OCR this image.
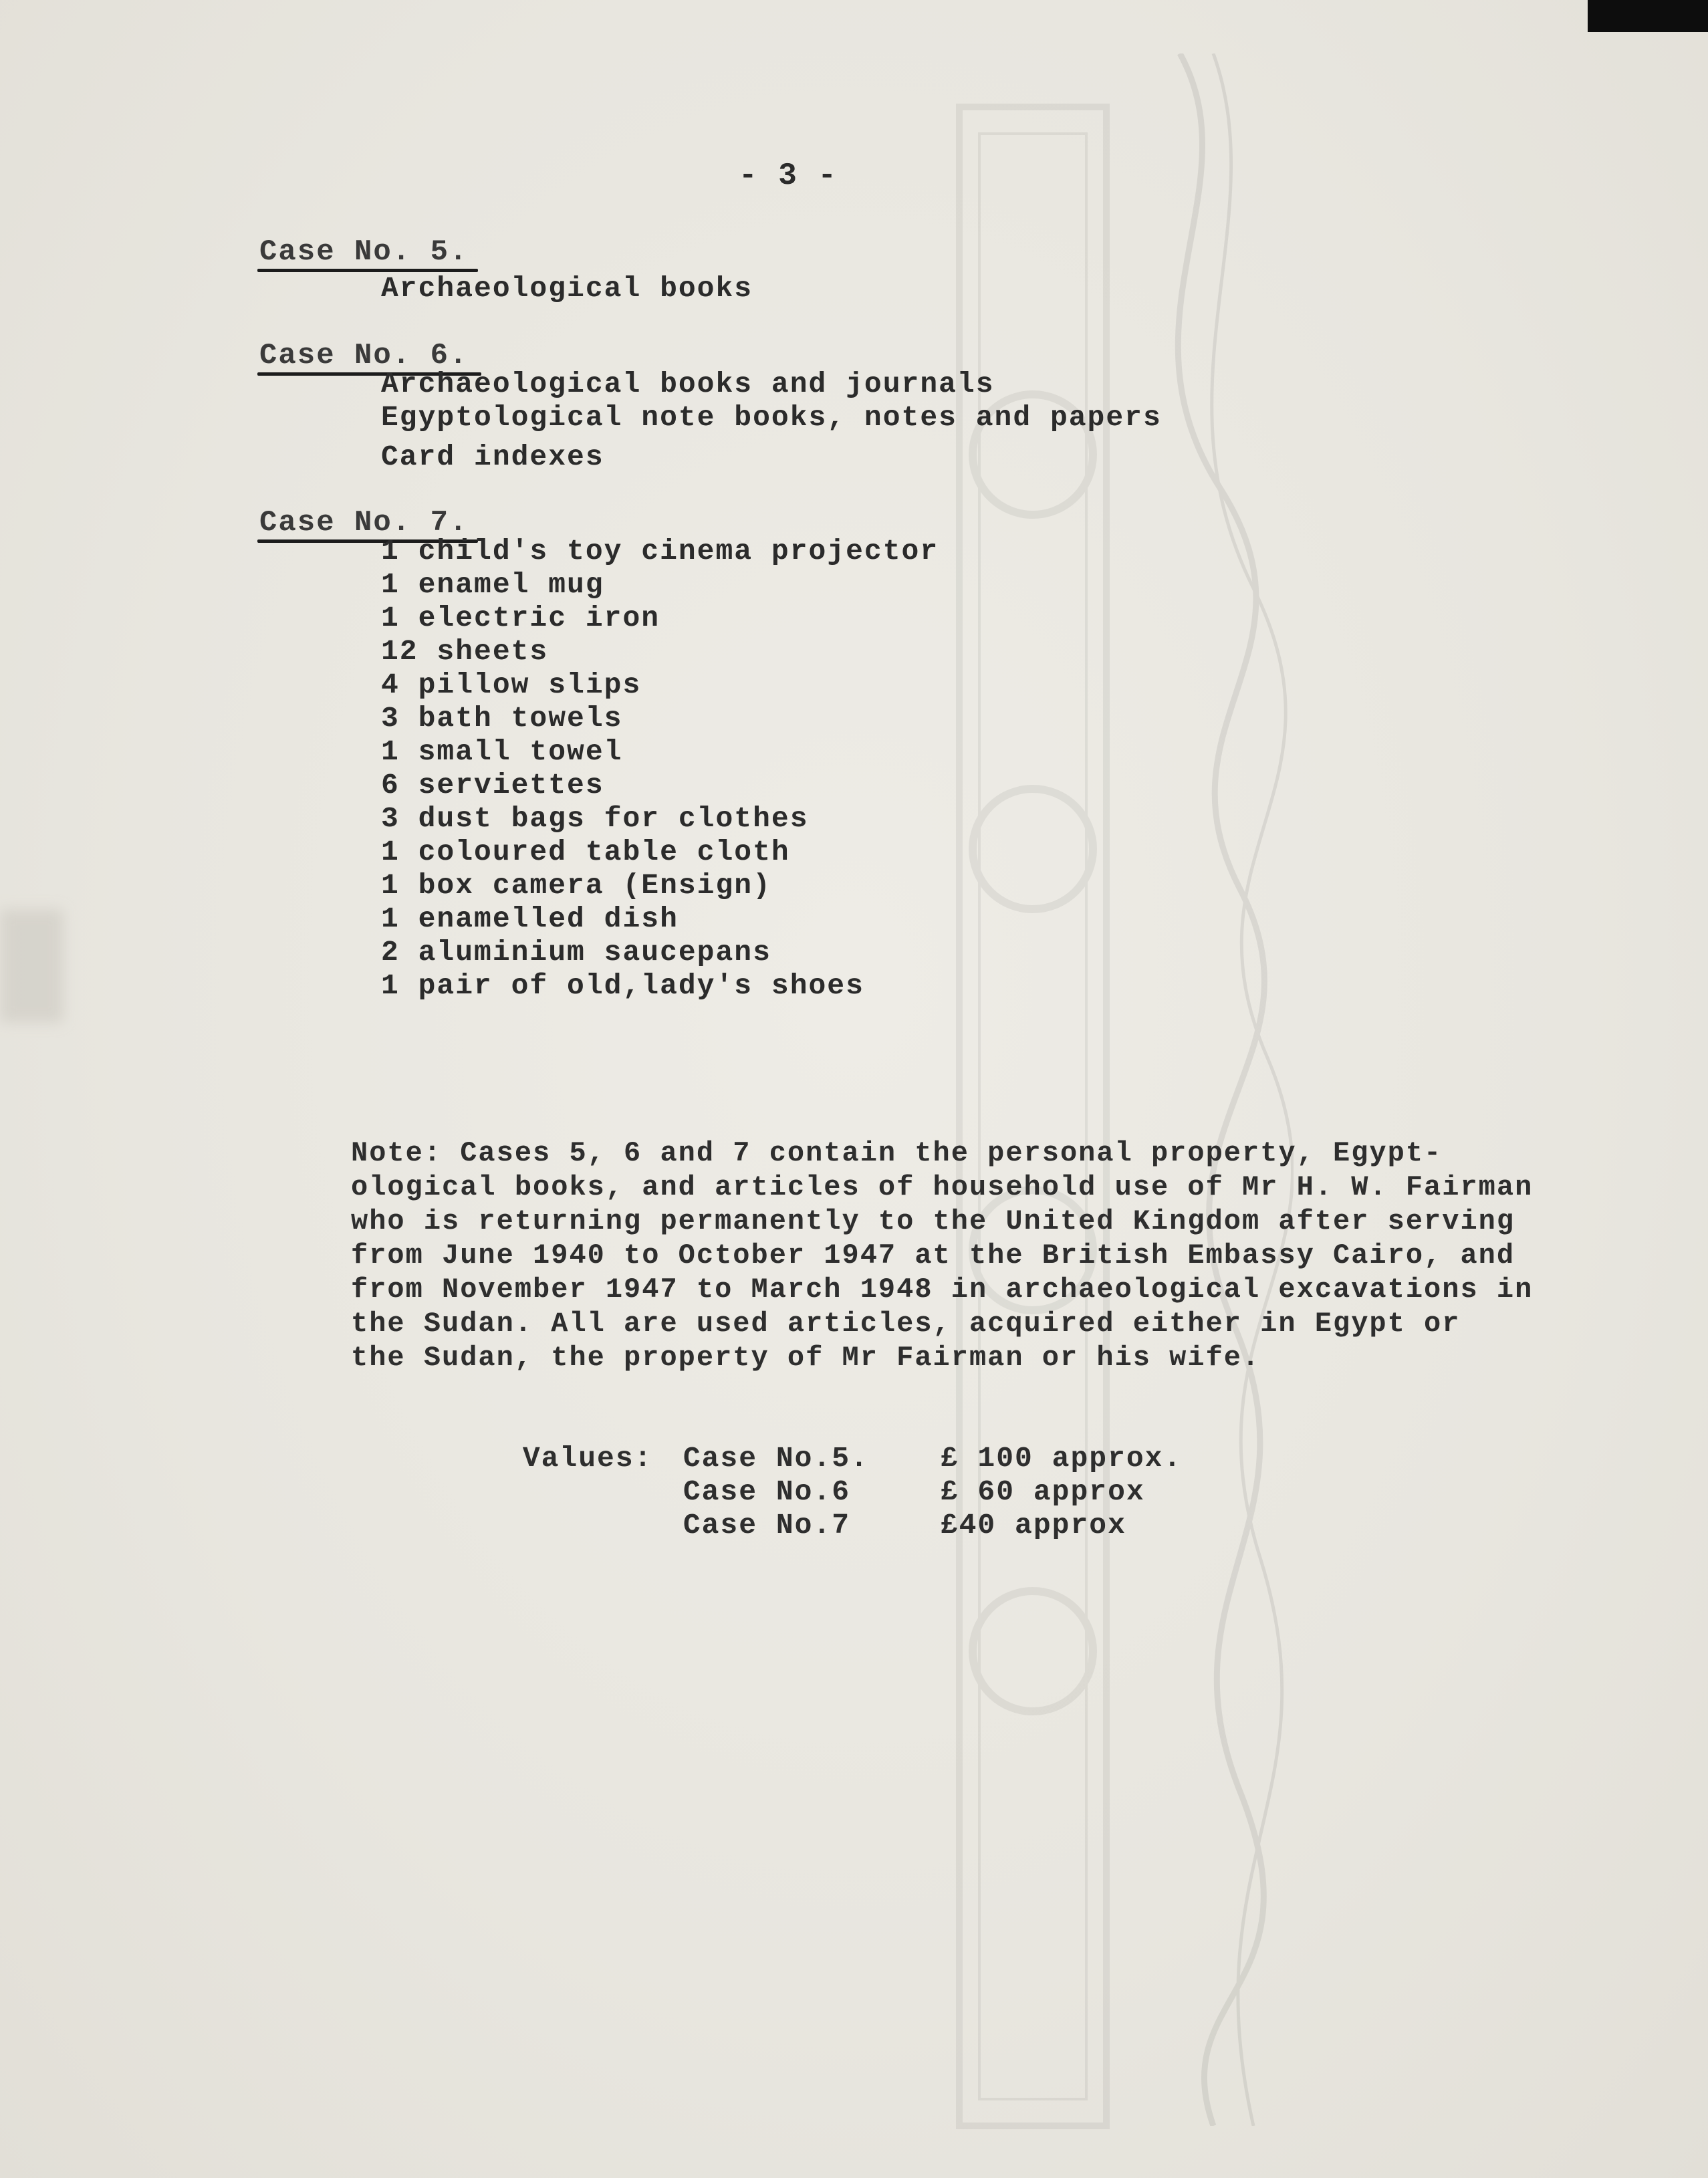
- 3 -
Case No. 5.
Archaeological books
Case No. 6.
Archaeological books and journals
Egyptological note books, notes and papers
Card indexes
Case No. 7.
1 child's toy cinema projector
1 enamel mug
1 electric iron
12 sheets
4 pillow slips
3 bath towels
1 small towel
6 serviettes
3 dust bags for clothes
1 coloured table cloth
1 box camera (Ensign)
1 enamelled dish
2 aluminium saucepans
1 pair of old,lady's shoes
Note: Cases 5, 6 and 7 contain the personal property, Egypt-
ological books, and articles of household use of Mr H. W. Fairman
who is returning permanently to the United Kingdom after serving
from June 1940 to October 1947 at the British Embassy Cairo, and
from November 1947 to March 1948 in archaeological excavations in
the Sudan. All are used articles, acquired either in Egypt or
the Sudan, the property of Mr Fairman or his wife.

Values: Case No.5. £ 100 approx.

Case No.6	£ 60 approx

Case No.7	£40 approx
